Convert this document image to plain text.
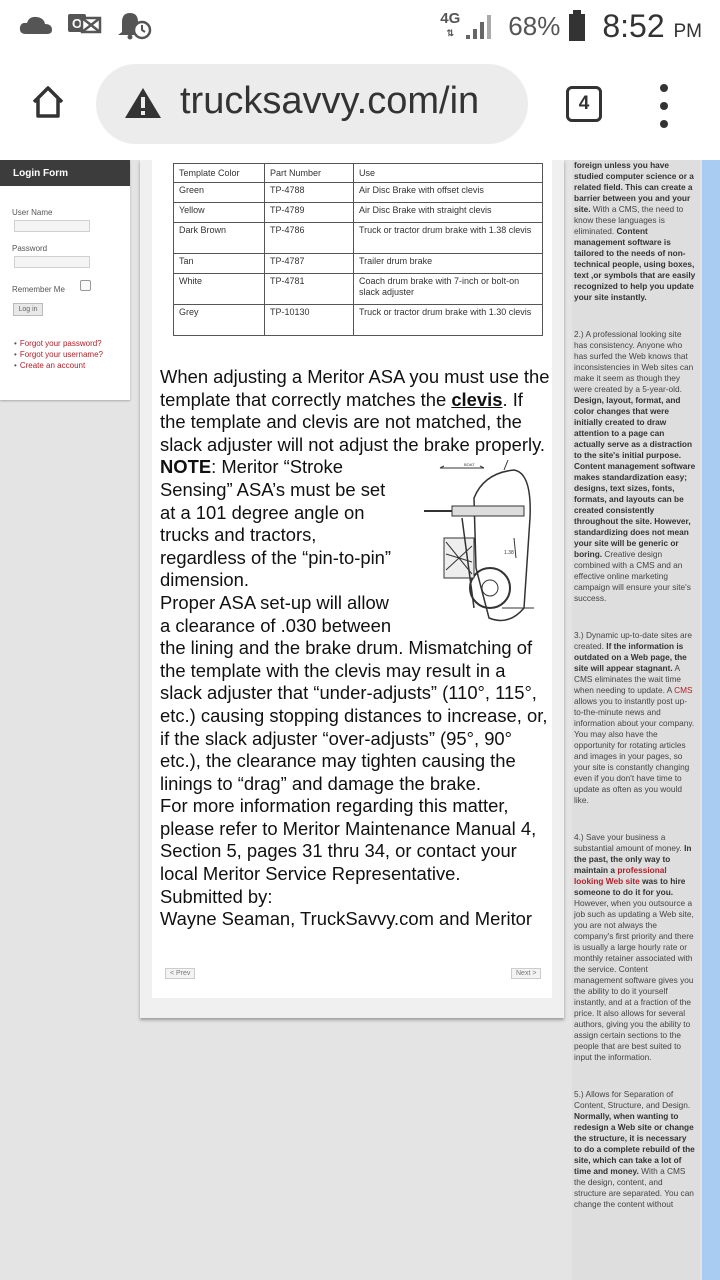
O	4G
⇅ 68% 8:52 PM
trucksavvy.com/in	4
Login Form
User Name
Password
Remember Me
Log in
• Forgot your password?
• Forgot your username?
• Create an account
Template Color	Part Number	Use
Green	TP-4788	Air Disc Brake with offset clevis
Yellow	TP-4789	Air Disc Brake with straight clevis
Dark Brown	TP-4786	Truck or tractor drum brake with 1.38 clevis
Tan	TP-4787	Trailer drum brake
White	TP-4781	Coach drum brake with 7-inch or bolt-on slack adjuster
Grey	TP-10130	Truck or tractor drum brake with 1.30 clevis

When adjusting a Meritor ASA you must use the template that correctly matches the clevis. If the template and clevis are not matched, the slack adjuster will not adjust the brake properly.

1.38
BOAT

NOTE: Meritor “Stroke Sensing” ASA’s must be set at a 101 degree angle on trucks and tractors, regardless of the “pin-to-pin” dimension.

Proper ASA set-up will allow a clearance of .030 between the lining and the brake drum. Mismatching of the template with the clevis may result in a slack adjuster that “under-adjusts” (110°, 115°, etc.) causing stopping distances to increase, or, if the slack adjuster “over-adjusts” (95°, 90° etc.), the clearance may tighten causing the linings to “drag” and damage the brake.

For more information regarding this matter, please refer to Meritor Maintenance Manual 4, Section 5, pages 31 thru 34, or contact your local Meritor Service Representative.

Submitted by:

Wayne Seaman, TruckSavvy.com and Meritor

< Prev	Next >

foreign unless you have studied computer science or a related field. This can create a barrier between you and your site. With a CMS, the need to know these languages is eliminated. Content management software is tailored to the needs of non-technical people, using boxes, text ,or symbols that are easily recognized to help you update your site instantly.

2.) A professional looking site has consistency. Anyone who has surfed the Web knows that inconsistencies in Web sites can make it seem as though they were created by a 5-year-old. Design, layout, format, and color changes that were initially created to draw attention to a page can actually serve as a distraction to the site's initial purpose. Content management software makes standardization easy; designs, text sizes, fonts, formats, and layouts can be created consistently throughout the site. However, standardizing does not mean your site will be generic or boring. Creative design combined with a CMS and an effective online marketing campaign will ensure your site's success.

3.) Dynamic up-to-date sites are created. If the information is outdated on a Web page, the site will appear stagnant. A CMS eliminates the wait time when needing to update. A CMS allows you to instantly post up-to-the-minute news and information about your company. You may also have the opportunity for rotating articles and images in your pages, so your site is constantly changing even if you don't have time to update as often as you would like.

4.) Save your business a substantial amount of money. In the past, the only way to maintain a professional looking Web site was to hire someone to do it for you. However, when you outsource a job such as updating a Web site, you are not always the company's first priority and there is usually a large hourly rate or monthly retainer associated with the service. Content management software gives you the ability to do it yourself instantly, and at a fraction of the price. It also allows for several authors, giving you the ability to assign certain sections to the people that are best suited to input the information.

5.) Allows for Separation of Content, Structure, and Design. Normally, when wanting to redesign a Web site or change the structure, it is necessary to do a complete rebuild of the site, which can take a lot of time and money. With a CMS the design, content, and structure are separated. You can change the content without
